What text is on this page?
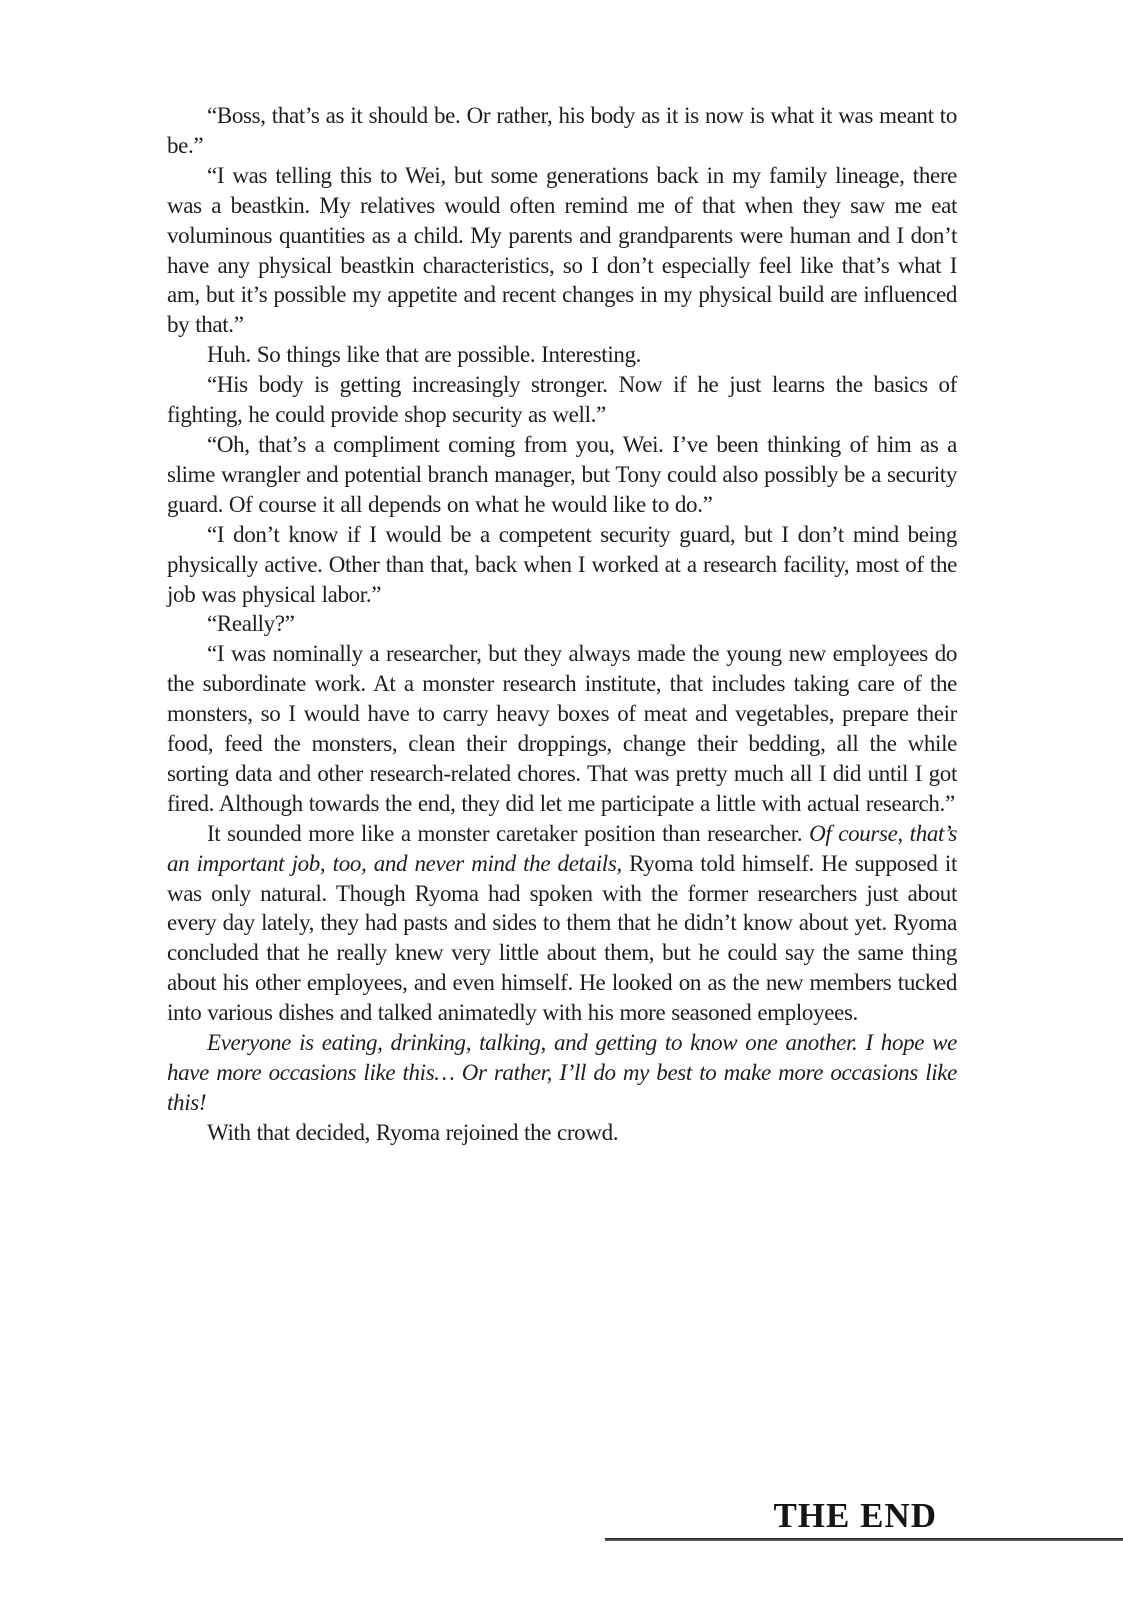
“Boss, that’s as it should be. Or rather, his body as it is now is what it was meant to be.”

“I was telling this to Wei, but some generations back in my family lineage, there was a beastkin. My relatives would often remind me of that when they saw me eat voluminous quantities as a child. My parents and grandparents were human and I don’t have any physical beastkin characteristics, so I don’t especially feel like that’s what I am, but it’s possible my appetite and recent changes in my physical build are influenced by that.”

Huh. So things like that are possible. Interesting.

“His body is getting increasingly stronger. Now if he just learns the basics of fighting, he could provide shop security as well.”

“Oh, that’s a compliment coming from you, Wei. I’ve been thinking of him as a slime wrangler and potential branch manager, but Tony could also possibly be a security guard. Of course it all depends on what he would like to do.”

“I don’t know if I would be a competent security guard, but I don’t mind being physically active. Other than that, back when I worked at a research facility, most of the job was physical labor.”

“Really?”

“I was nominally a researcher, but they always made the young new employees do the subordinate work. At a monster research institute, that includes taking care of the monsters, so I would have to carry heavy boxes of meat and vegetables, prepare their food, feed the monsters, clean their droppings, change their bedding, all the while sorting data and other research-related chores. That was pretty much all I did until I got fired. Although towards the end, they did let me participate a little with actual research.”

It sounded more like a monster caretaker position than researcher. Of course, that’s an important job, too, and never mind the details, Ryoma told himself. He supposed it was only natural. Though Ryoma had spoken with the former researchers just about every day lately, they had pasts and sides to them that he didn’t know about yet. Ryoma concluded that he really knew very little about them, but he could say the same thing about his other employees, and even himself. He looked on as the new members tucked into various dishes and talked animatedly with his more seasoned employees.

Everyone is eating, drinking, talking, and getting to know one another. I hope we have more occasions like this… Or rather, I’ll do my best to make more occasions like this!

With that decided, Ryoma rejoined the crowd.

THE END
